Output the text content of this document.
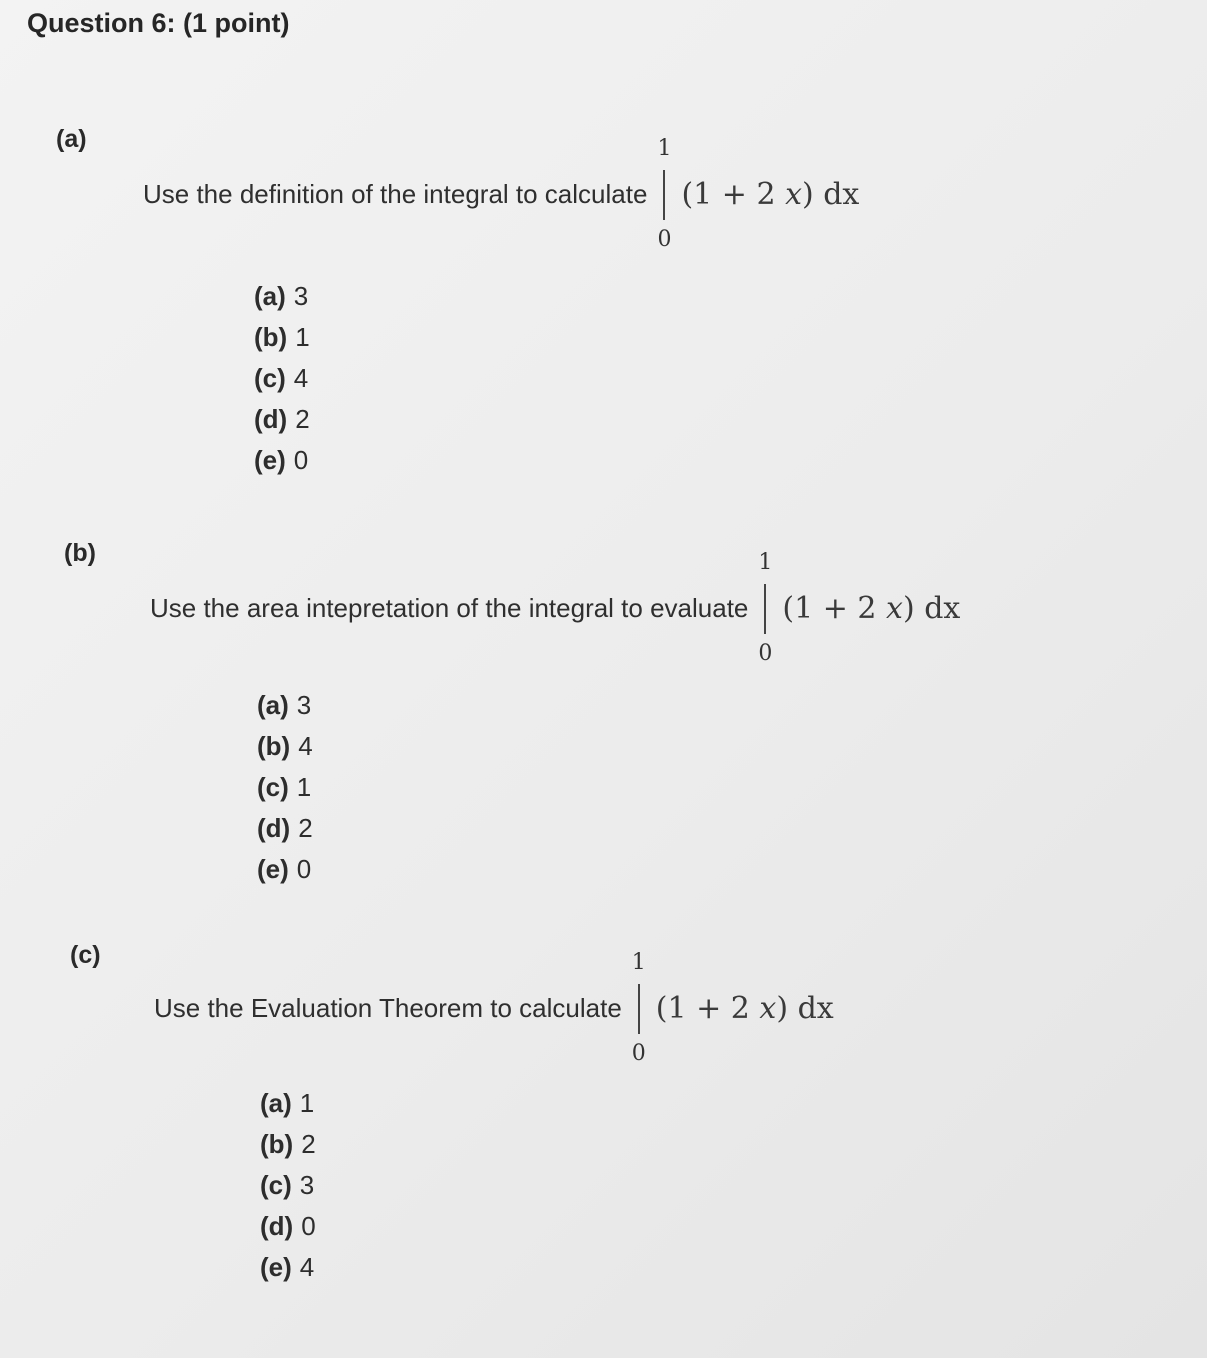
Question 6: (1 point)
(a)
Use the definition of the integral to calculate
1
0
(1 + 2 x) dx
(a) 3
(b) 1
(c) 4
(d) 2
(e) 0
(b)
Use the area intepretation of the integral to evaluate
1
0
(1 + 2 x) dx
(a) 3
(b) 4
(c) 1
(d) 2
(e) 0
(c)
Use the Evaluation Theorem to calculate
1
0
(1 + 2 x) dx
(a) 1
(b) 2
(c) 3
(d) 0
(e) 4
